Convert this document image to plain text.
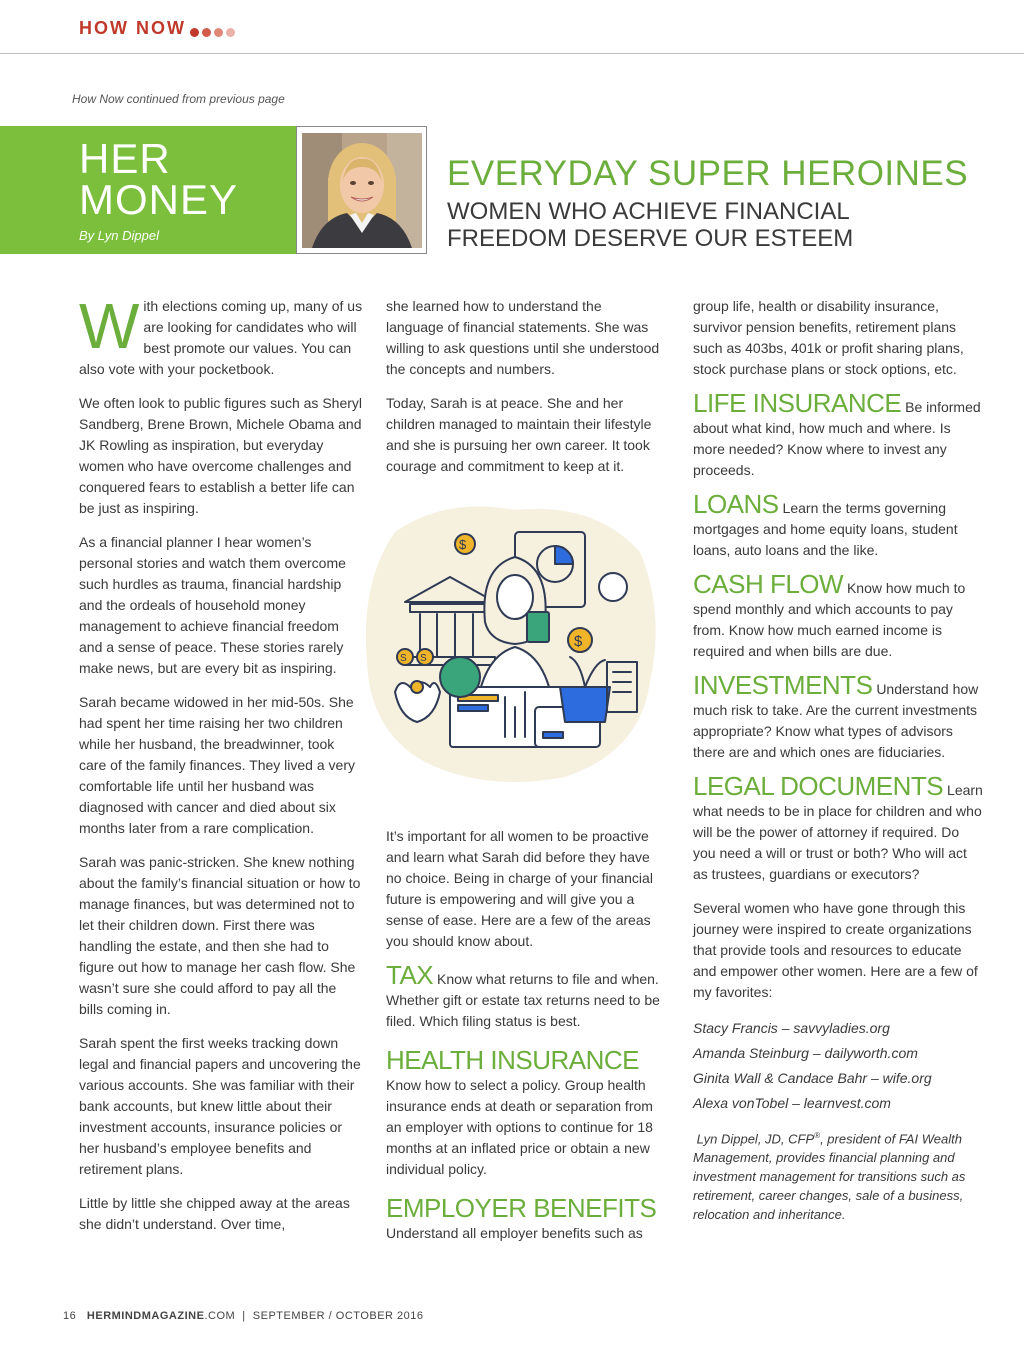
HOW NOW
How Now continued from previous page
HER
MONEY
By Lyn Dippel
EVERYDAY SUPER HEROINES
WOMEN WHO ACHIEVE FINANCIAL
FREEDOM DESERVE OUR ESTEEM

With elections coming up, many of us are looking for candidates who will best promote our values. You can also vote with your pocketbook.

We often look to public figures such as Sheryl Sandberg, Brene Brown, Michele Obama and JK Rowling as inspiration, but everyday women who have overcome challenges and conquered fears to establish a better life can be just as inspiring.

As a financial planner I hear women’s personal stories and watch them overcome such hurdles as trauma, financial hardship and the ordeals of household money management to achieve financial freedom and a sense of peace. These stories rarely make news, but are every bit as inspiring.

Sarah became widowed in her mid-50s. She had spent her time raising her two children while her husband, the breadwinner, took care of the family finances. They lived a very comfortable life until her husband was diagnosed with cancer and died about six months later from a rare complication.

Sarah was panic-stricken. She knew nothing about the family’s financial situation or how to manage finances, but was determined not to let their children down. First there was handling the estate, and then she had to figure out how to manage her cash flow. She wasn’t sure she could afford to pay all the bills coming in.

Sarah spent the first weeks tracking down legal and financial papers and uncovering the various accounts. She was familiar with their bank accounts, but knew little about their investment accounts, insurance policies or her husband’s employee benefits and retirement plans.

Little by little she chipped away at the areas she didn’t understand. Over time,

she learned how to understand the language of financial statements. She was willing to ask questions until she understood the concepts and numbers.

Today, Sarah is at peace. She and her children managed to maintain their lifestyle and she is pursuing her own career. It took courage and commitment to keep at it.

$
$
S S

It’s important for all women to be proactive and learn what Sarah did before they have no choice. Being in charge of your financial future is empowering and will give you a sense of ease. Here are a few of the areas you should know about.

TAX Know what returns to file and when. Whether gift or estate tax returns need to be filed. Which filing status is best.

HEALTH INSURANCE
Know how to select a policy. Group health insurance ends at death or separation from an employer with options to continue for 18 months at an inflated price or obtain a new individual policy.

EMPLOYER BENEFITS
Understand all employer benefits such as

group life, health or disability insurance, survivor pension benefits, retirement plans such as 403bs, 401k or profit sharing plans, stock purchase plans or stock options, etc.

LIFE INSURANCE Be informed about what kind, how much and where. Is more needed? Know where to invest any proceeds.

LOANS Learn the terms governing mortgages and home equity loans, student loans, auto loans and the like.

CASH FLOW Know how much to spend monthly and which accounts to pay from. Know how much earned income is required and when bills are due.

INVESTMENTS Understand how much risk to take. Are the current investments appropriate? Know what types of advisors there are and which ones are fiduciaries.

LEGAL DOCUMENTS Learn what needs to be in place for children and who will be the power of attorney if required. Do you need a will or trust or both? Who will act as trustees, guardians or executors?

Several women who have gone through this journey were inspired to create organizations that provide tools and resources to educate and empower other women. Here are a few of my favorites:

Stacy Francis – savvyladies.org
Amanda Steinburg – dailyworth.com
Ginita Wall & Candace Bahr – wife.org
Alexa vonTobel – learnvest.com

Lyn Dippel, JD, CFP®, president of FAI Wealth Management, provides financial planning and investment management for transitions such as retirement, career changes, sale of a business, relocation and inheritance.

16 HERMINDMAGAZINE.COM | SEPTEMBER / OCTOBER 2016
